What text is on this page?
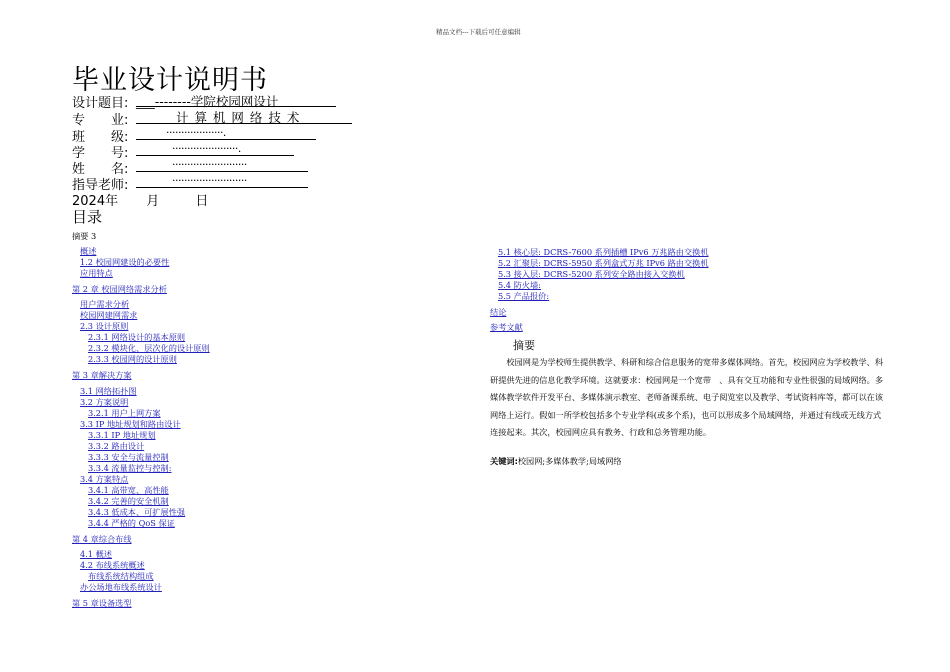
精品文档---下载后可任意编辑
毕业设计说明书
设计题目: ___--------学院校园网设计
专　　业:	计 算 机 网 络 技 术
班　　级:	···················.
学　　号:	······················.
姓　　名:	·························
指导老师:	·························
2024年 月	日
目录
摘要 3
概述
1.2 校园网建设的必要性
应用特点
第 2 章 校园网络需求分析
用户需求分析
校园网建网需求
2.3 设计原则
2.3.1 网络设计的基本原则
2.3.2 模块化、层次化的设计原则
2.3.3 校园网的设计原则
第 3 章解决方案
3.1 网络拓扑图
3.2 方案说明
3.2.1 用户上网方案
3.3 IP 地址规划和路由设计
3.3.1 IP 地址规划
3.3.2 路由设计
3.3.3 安全与流量控制
3.3.4 流量监控与控制:
3.4 方案特点
3.4.1 高带宽、高性能
3.4.2 完善的安全机制
3.4.3 低成本、可扩展性强
3.4.4 严格的 QoS 保证
第 4 章综合布线
4.1 概述
4.2 布线系统概述
布线系统结构组成
办公场地布线系统设计
第 5 章设备选型
5.1 核心层: DCRS-7600 系列插槽 IPv6 万兆路由交换机
5.2 汇聚层: DCRS-5950 系列盒式万兆 IPv6 路由交换机
5.3 接入层: DCRS-5200 系列安全路由接入交换机
5.4 防火墙:
5.5 产品报价:
结论
参考文献
摘要
校园网是为学校师生提供教学、科研和综合信息服务的宽带多媒体网络。首先，校园网应为学校教学、科研提供先进的信息化教学环境。这就要求：校园网是一个宽带　、具有交互功能和专业性很强的局域网络。多媒体教学软件开发平台、多媒体演示教室、老师备课系统、电子阅览室以及教学、考试资料库等，都可以在该网络上运行。假如一所学校包括多个专业学科(或多个系)，也可以形成多个局域网络，并通过有线或无线方式连接起来。其次，校园网应具有教务、行政和总务管理功能。
关键词:校园网;多媒体教学;局域网络
